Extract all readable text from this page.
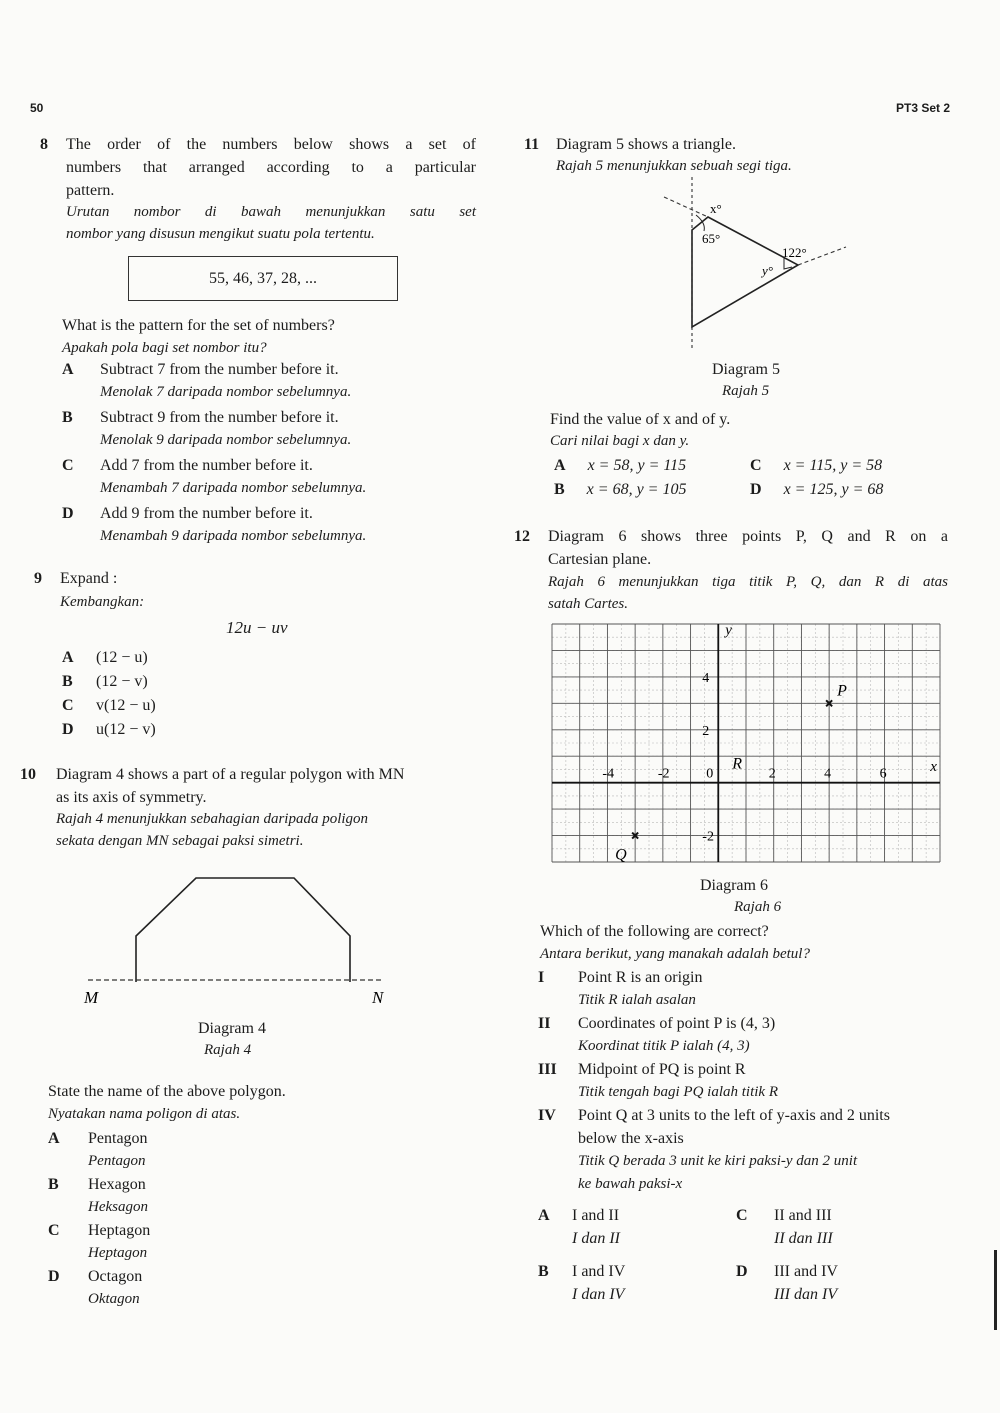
50	PT3 Set 2
8 The order of the numbers below shows a set of
numbers that arranged according to a particular
pattern.
Urutan nombor di bawah menunjukkan satu set
nombor yang disusun mengikut suatu pola tertentu.
55, 46, 37, 28, ...
What is the pattern for the set of numbers?
Apakah pola bagi set nombor itu?
A Subtract 7 from the number before it.
Menolak 7 daripada nombor sebelumnya.
B Subtract 9 from the number before it.
Menolak 9 daripada nombor sebelumnya.
C Add 7 from the number before it.
Menambah 7 daripada nombor sebelumnya.
D Add 9 from the number before it.
Menambah 9 daripada nombor sebelumnya.
9 Expand :
Kembangkan:
12u − uv
A (12 − u)
B (12 − v)
C v(12 − u)
D u(12 − v)
10 Diagram 4 shows a part of a regular polygon with MN
as its axis of symmetry.
Rajah 4 menunjukkan sebahagian daripada poligon
sekata dengan MN sebagai paksi simetri.
M	N
Diagram 4
Rajah 4
State the name of the above polygon.
Nyatakan nama poligon di atas.
A Pentagon
Pentagon
B Hexagon
Heksagon
C Heptagon
Heptagon
D Octagon
Oktagon
11 Diagram 5 shows a triangle.
Rajah 5 menunjukkan sebuah segi tiga.
x°
65°
122°
y°
Diagram 5
Rajah 5
Find the value of x and of y.
Cari nilai bagi x dan y.
A x = 58, y = 115
B x = 68, y = 105
C x = 115, y = 58
D x = 125, y = 68
12 Diagram 6 shows three points P, Q and R on a
Cartesian plane.
Rajah 6 menunjukkan tiga titik P, Q, dan R di atas
satah Cartes.
x
y
-4	-2	0	2	4	6
-2
2
4
P
Q
R
Diagram 6
Rajah 6
Which of the following are correct?
Antara berikut, yang manakah adalah betul?
I Point R is an origin
Titik R ialah asalan
II Coordinates of point P is (4, 3)
Koordinat titik P ialah (4, 3)
III Midpoint of PQ is point R
Titik tengah bagi PQ ialah titik R
IV Point Q at 3 units to the left of y-axis and 2 units
below the x-axis
Titik Q berada 3 unit ke kiri paksi-y dan 2 unit
ke bawah paksi-x
A I and II
I dan II
B I and IV
I dan IV
C II and III
II dan III
D III and IV
III dan IV
